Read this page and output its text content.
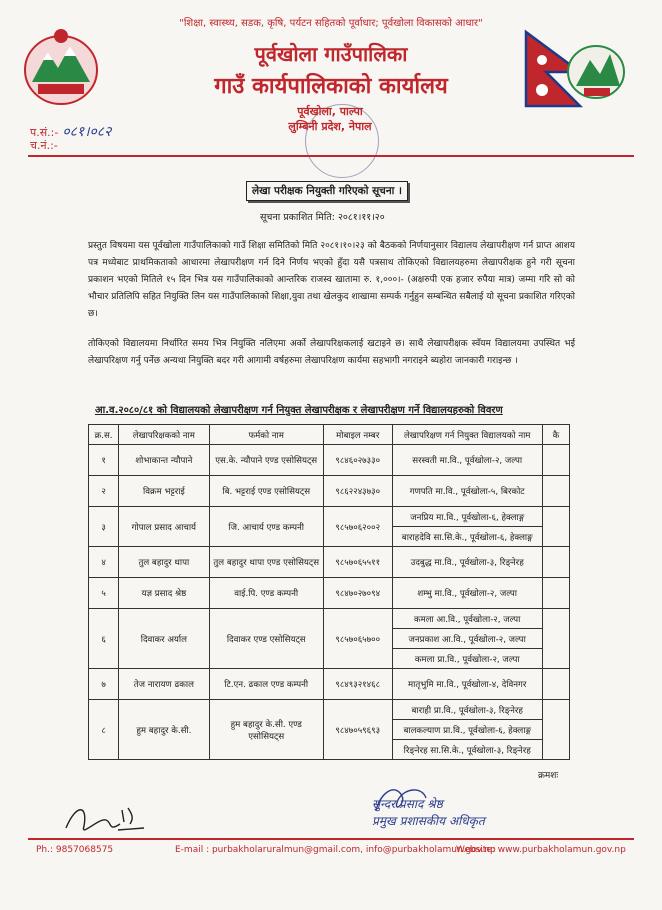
"शिक्षा, स्वास्थ्य, सडक, कृषि, पर्यटन सहितको पूर्वाधार; पूर्वखोला विकासको आधार"
पूर्वखोला गाउँपालिका
गाउँ कार्यपालिकाको कार्यालय
पूर्वखोला, पाल्पा
लुम्बिनी प्रदेश, नेपाल
प.सं.:- ०८१।०८२
च.नं.:-
लेखा परीक्षक नियुक्ती गरिएको सूचना ।
सूचना प्रकाशित मिति: २०८१।११।२०
प्रस्तुत विषयमा यस पूर्वखोला गाउँपालिकाको गाउँ शिक्षा समितिको मिति २०८१।१०।२३ को बैठकको निर्णयानुसार विद्यालय लेखापरीक्षण गर्न प्राप्त आशय पत्र मध्येबाट प्राथमिकताको आधारमा लेखापरीक्षण गर्न दिने निर्णय भएको हुँदा यसै पत्रसाथ तोकिएको विद्यालयहरुमा लेखापरीक्षक हुने गरी सूचना प्रकाशन भएको मितिले १५ दिन भित्र यस गाउँपालिकाको आन्तरिक राजस्व खातामा रु. १,०००।- (अक्षरुपी एक हजार रुपैया मात्र) जम्मा गरि सो को भौचार प्रतिलिपि सहित नियुक्ति लिन यस गाउँपालिकाको शिक्षा,युवा तथा खेलकुद शाखामा सम्पर्क गर्नुहुन सम्बन्धित सबैलाई यो सूचना प्रकाशित गरिएको छ।
तोकिएको विद्यालयमा निर्धारित समय भित्र नियुक्ति नलिएमा अर्को लेखापरिक्षकलाई खटाइने छ। साथै लेखापरीक्षक स्वँयम विद्यालयमा उपस्थित भई लेखापरिक्षण गर्नु पर्नेछ अन्यथा नियुक्ति बदर गरी आगामी वर्षहरुमा लेखापरिक्षण कार्यमा सहभागी नगराइने ब्यहोरा जानकारी गराइन्छ ।
आ.व.२०८०/८१ को विद्यालयको लेखापरीक्षण गर्न नियुक्त लेखापरीक्षक र लेखापरीक्षण गर्ने विद्यालयहरुको विवरण
क्र.स.	लेखापरिक्षकको नाम	फर्मको नाम	मोबाइल नम्बर	लेखापरिक्षण गर्न नियुक्त विद्यालयको नाम	कै
१	शोभाकान्त न्यौपाने	एस.के. न्यौपाने एण्ड एसोसियट्स	९८४६०२७३३०	सरस्वती मा.वि., पूर्वखोला-२, जल्पा	
२	विक्रम भट्टराई	बि. भट्टराई एण्ड एसोसियट्स	९८६२२४३७३०	गणपति मा.वि., पूर्वखोला-५, बिरकोट	
३	गोपाल प्रसाद आचार्य	जि. आचार्य एण्ड कम्पनी	९८५७०६२००२	जनप्रिय मा.वि., पूर्वखोला-६, हेक्लाङ्ग	
				बाराहदेवि सा.सि.के., पूर्वखोला-६, हेक्लाङ्ग	
४	तुल बहादुर थापा	तुल बहादुर थापा एण्ड एसोसियट्स	९८५७०६५५११	उदबुद्ध मा.वि., पूर्वखोला-३, रिङ्नेरह	
५	यज्ञ प्रसाद श्रेष्ठ	वाई.पि. एण्ड कम्पनी	९८४७०२७०९४	शम्भु मा.वि., पूर्वखोला-२, जल्पा	
६	दिवाकर अर्याल	दिवाकर एण्ड एसोसियट्स	९८५७०६५७००	कमला आ.वि., पूर्वखोला-२, जल्पा	
				जनप्रकाश आ.वि., पूर्वखोला-२, जल्पा	
				कमला प्रा.वि., पूर्वखोला-२, जल्पा	
७	तेज नारायण ढकाल	टि.एन. ढकाल एण्ड कम्पनी	९८४९३२१४६८	मातृभुमि मा.वि., पूर्वखोला-४, देविनगर	
८	हुम बहादुर के.सी.	हुम बहादुर के.सी. एण्ड एसोसियट्स	९८४७०५९६९३	बाराही प्रा.वि., पूर्वखोला-३, रिङ्नेरह	
				बालकल्याण प्रा.वि., पूर्वखोला-६, हेक्लाङ्ग	
				रिङ्नेरह सा.सि.के., पूर्वखोला-३, रिङ्नेरह	
क्रमशः
सुन्दर प्रसाद श्रेष्ठ
प्रमुख प्रशासकीय अधिकृत
Ph.: 9857068575	E-mail : purbakholaruralmun@gmail.com, info@purbakholamun.gov.np
Website: www.purbakholamun.gov.np
